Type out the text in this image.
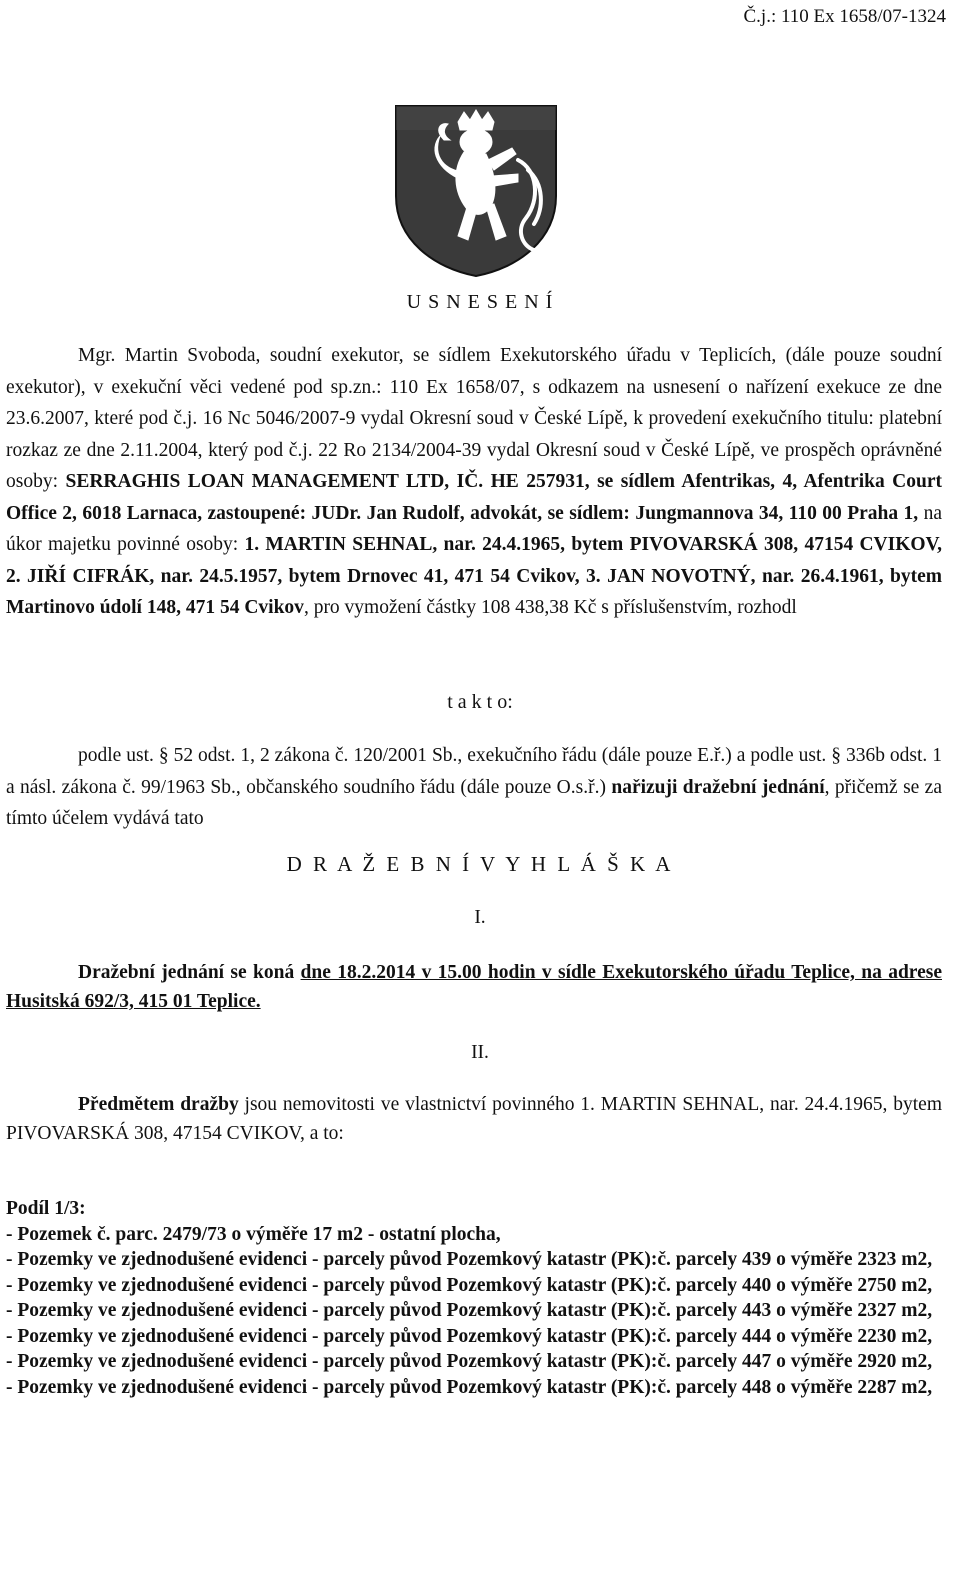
Č.j.: 110 Ex 1658/07-1324
U S N E S E N Í

Mgr. Martin Svoboda, soudní exekutor, se sídlem Exekutorského úřadu v Teplicích, (dále pouze soudní exekutor), v exekuční věci vedené pod sp.zn.: 110 Ex 1658/07, s odkazem na usnesení o nařízení exekuce ze dne 23.6.2007, které pod č.j. 16 Nc 5046/2007-9 vydal Okresní soud v České Lípě, k provedení exekučního titulu: platební rozkaz ze dne 2.11.2004, který pod č.j. 22 Ro 2134/2004-39 vydal Okresní soud v České Lípě, ve prospěch oprávněné osoby: SERRAGHIS LOAN MANAGEMENT LTD, IČ. HE 257931, se sídlem Afentrikas, 4, Afentrika Court Office 2, 6018 Larnaca, zastoupené: JUDr. Jan Rudolf, advokát, se sídlem: Jungmannova 34, 110 00 Praha 1, na úkor majetku povinné osoby: 1. MARTIN SEHNAL, nar. 24.4.1965, bytem PIVOVARSKÁ 308, 47154 CVIKOV, 2. JIŘÍ CIFRÁK, nar. 24.5.1957, bytem Drnovec 41, 471 54 Cvikov, 3. JAN NOVOTNÝ, nar. 26.4.1961, bytem Martinovo údolí 148, 471 54 Cvikov, pro vymožení částky 108 438,38 Kč s příslušenstvím, rozhodl

t a k t o:

podle ust. § 52 odst. 1, 2 zákona č. 120/2001 Sb., exekučního řádu (dále pouze E.ř.) a podle ust. § 336b odst. 1 a násl. zákona č. 99/1963 Sb., občanského soudního řádu (dále pouze O.s.ř.) nařizuji dražební jednání, přičemž se za tímto účelem vydává tato

D R A Ž E B N Í V Y H L Á Š K A
I.

Dražební jednání se koná dne 18.2.2014 v 15.00 hodin v sídle Exekutorského úřadu Teplice, na adrese Husitská 692/3, 415 01 Teplice.

II.

Předmětem dražby jsou nemovitosti ve vlastnictví povinného 1. MARTIN SEHNAL, nar. 24.4.1965, bytem PIVOVARSKÁ 308, 47154 CVIKOV, a to:

Podíl 1/3:

- Pozemek č. parc. 2479/73 o výměře 17 m2 - ostatní plocha,

- Pozemky ve zjednodušené evidenci - parcely původ Pozemkový katastr (PK):č. parcely 439 o výměře 2323 m2,

- Pozemky ve zjednodušené evidenci - parcely původ Pozemkový katastr (PK):č. parcely 440 o výměře 2750 m2,

- Pozemky ve zjednodušené evidenci - parcely původ Pozemkový katastr (PK):č. parcely 443 o výměře 2327 m2,

- Pozemky ve zjednodušené evidenci - parcely původ Pozemkový katastr (PK):č. parcely 444 o výměře 2230 m2,

- Pozemky ve zjednodušené evidenci - parcely původ Pozemkový katastr (PK):č. parcely 447 o výměře 2920 m2,

- Pozemky ve zjednodušené evidenci - parcely původ Pozemkový katastr (PK):č. parcely 448 o výměře 2287 m2,
